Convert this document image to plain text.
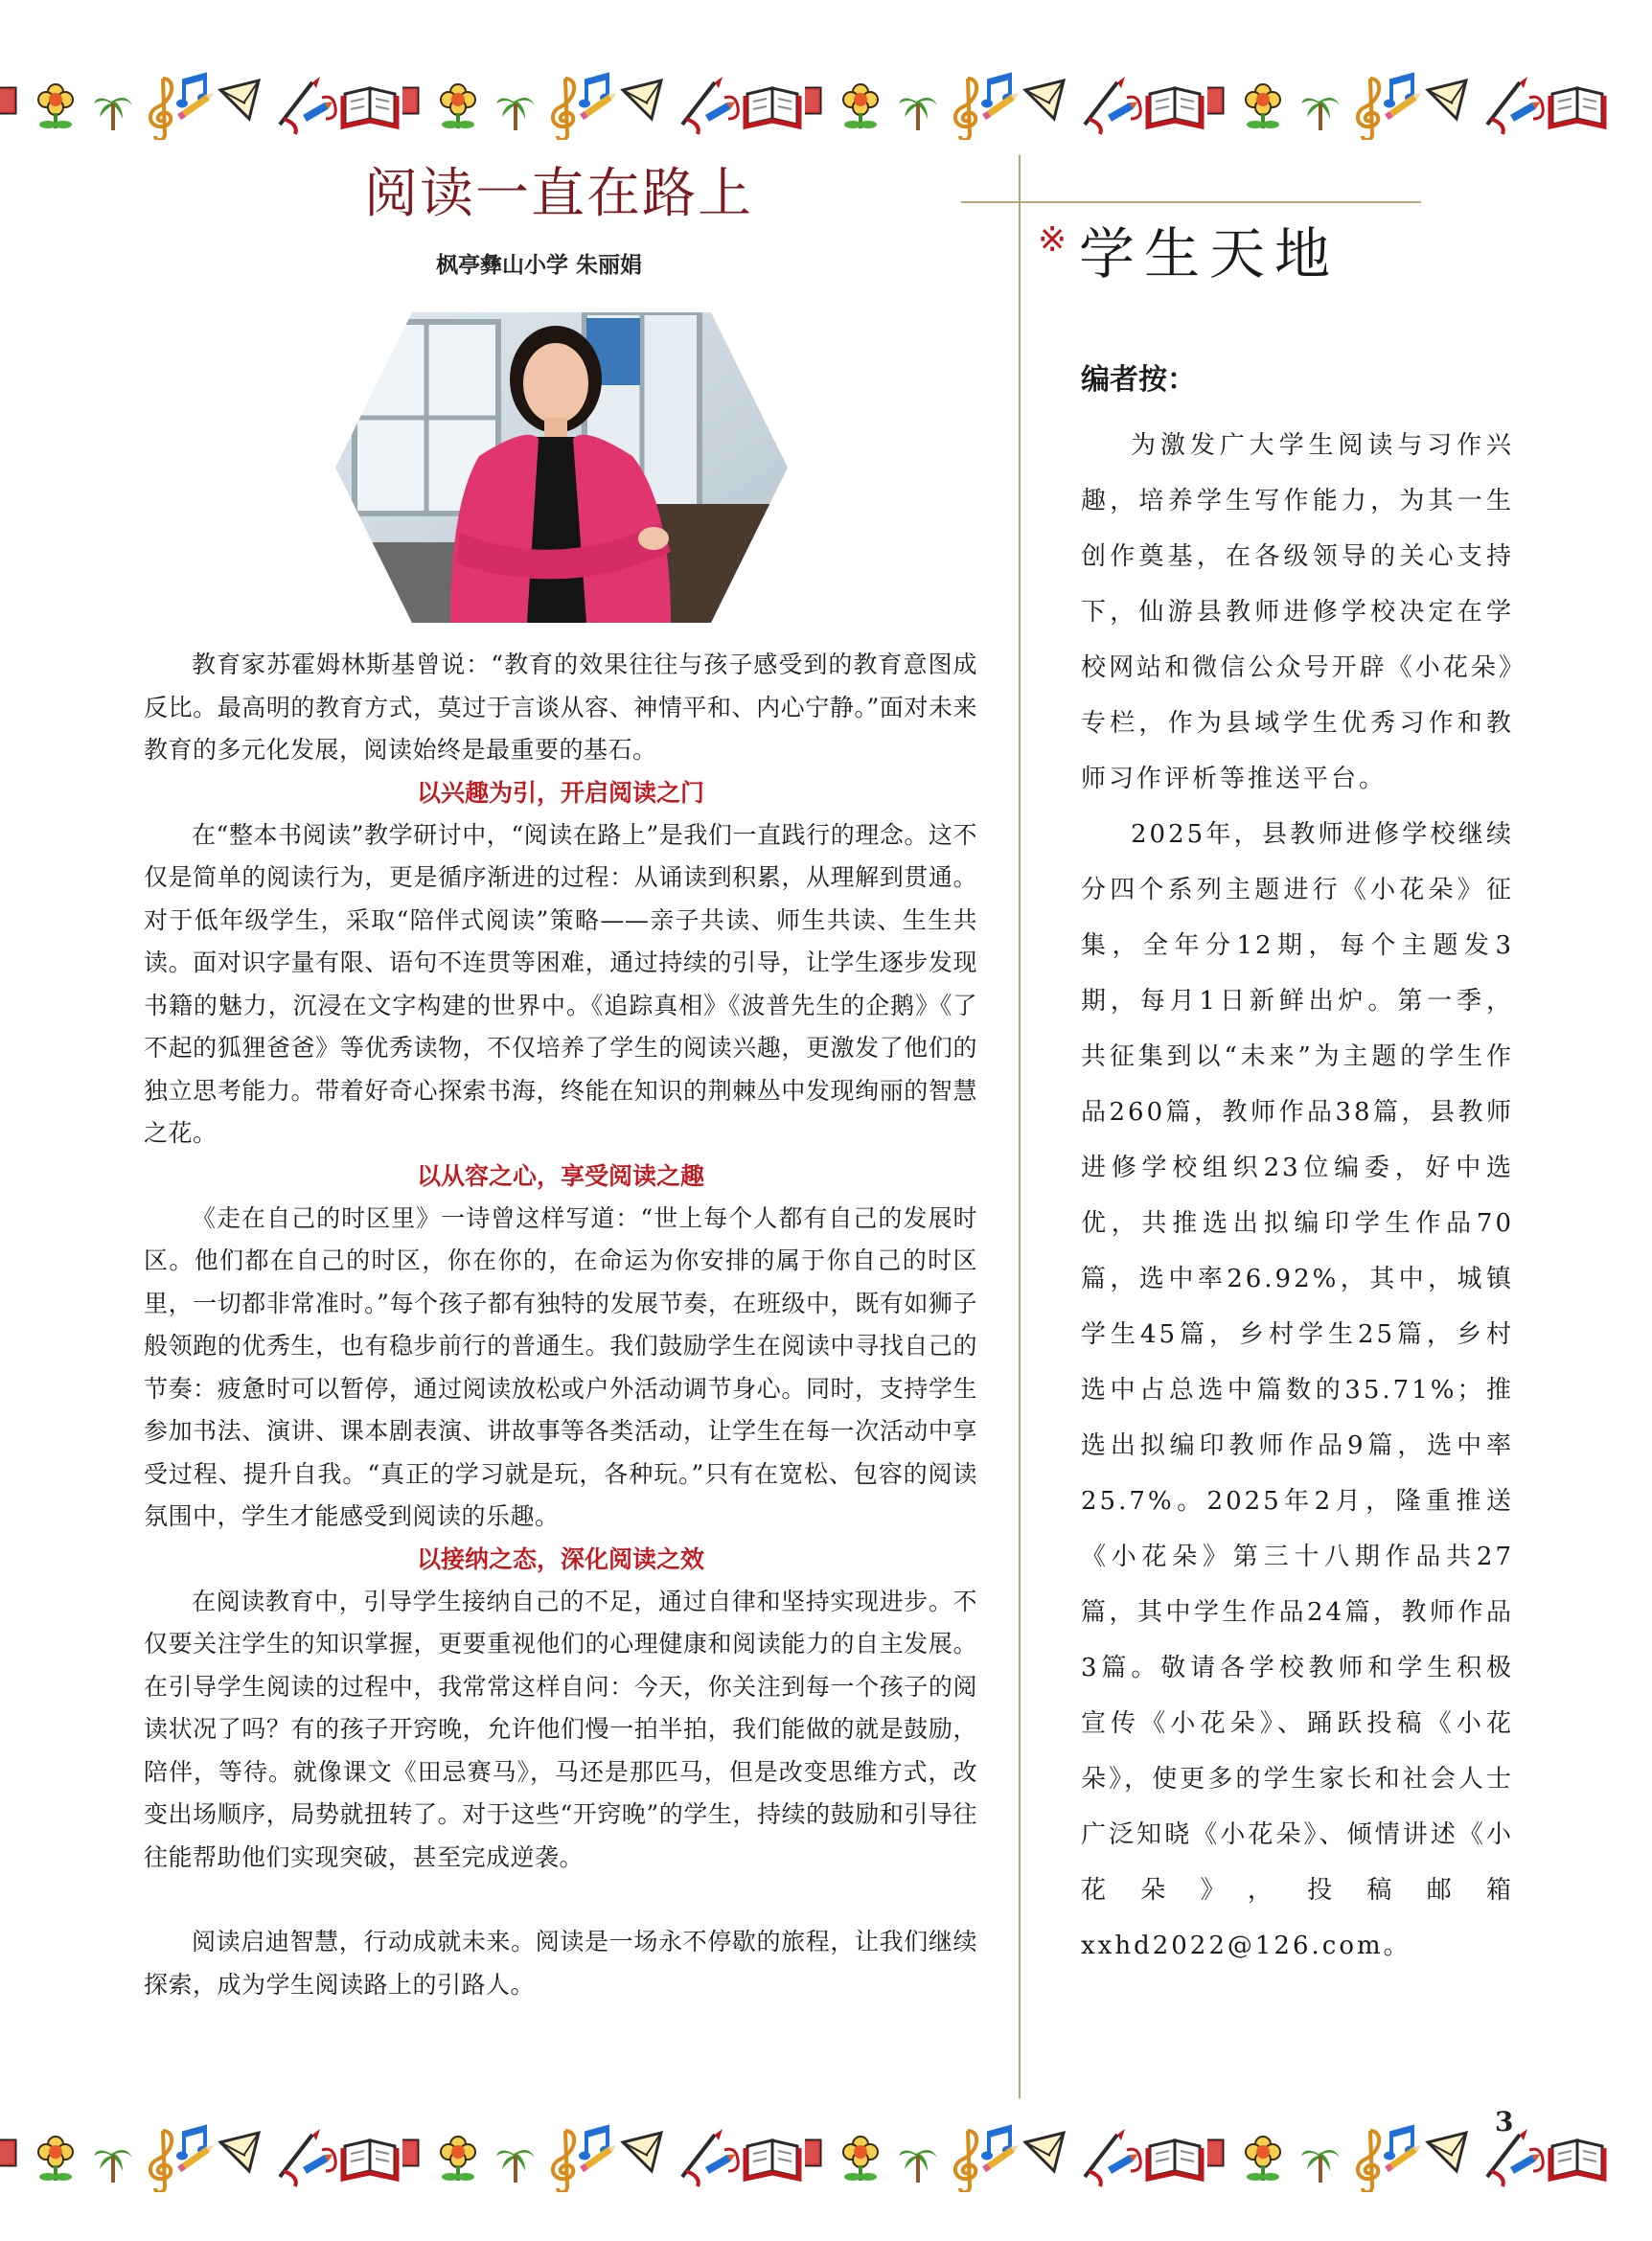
阅读一直在路上
枫亭彝山小学 朱丽娟

教育家苏霍姆林斯基曾说：“教育的效果往往与孩子感受到的教育意图成反比。最高明的教育方式，莫过于言谈从容、神情平和、内心宁静。”面对未来教育的多元化发展，阅读始终是最重要的基石。

以兴趣为引，开启阅读之门

在“整本书阅读”教学研讨中，“阅读在路上”是我们一直践行的理念。这不仅是简单的阅读行为，更是循序渐进的过程：从诵读到积累，从理解到贯通。对于低年级学生，采取“陪伴式阅读”策略——亲子共读、师生共读、生生共读。面对识字量有限、语句不连贯等困难，通过持续的引导，让学生逐步发现书籍的魅力，沉浸在文字构建的世界中。《追踪真相》《波普先生的企鹅》《了不起的狐狸爸爸》等优秀读物，不仅培养了学生的阅读兴趣，更激发了他们的独立思考能力。带着好奇心探索书海，终能在知识的荆棘丛中发现绚丽的智慧之花。

以从容之心，享受阅读之趣

《走在自己的时区里》一诗曾这样写道：“世上每个人都有自己的发展时区。他们都在自己的时区，你在你的，在命运为你安排的属于你自己的时区里，一切都非常准时。”每个孩子都有独特的发展节奏，在班级中，既有如狮子般领跑的优秀生，也有稳步前行的普通生。我们鼓励学生在阅读中寻找自己的节奏：疲惫时可以暂停，通过阅读放松或户外活动调节身心。同时，支持学生参加书法、演讲、课本剧表演、讲故事等各类活动，让学生在每一次活动中享受过程、提升自我。“真正的学习就是玩，各种玩。”只有在宽松、包容的阅读氛围中，学生才能感受到阅读的乐趣。

以接纳之态，深化阅读之效

在阅读教育中，引导学生接纳自己的不足，通过自律和坚持实现进步。不仅要关注学生的知识掌握，更要重视他们的心理健康和阅读能力的自主发展。在引导学生阅读的过程中，我常常这样自问：今天，你关注到每一个孩子的阅读状况了吗？有的孩子开窍晚，允许他们慢一拍半拍，我们能做的就是鼓励，陪伴，等待。就像课文《田忌赛马》，马还是那匹马，但是改变思维方式，改变出场顺序，局势就扭转了。对于这些“开窍晚”的学生，持续的鼓励和引导往往能帮助他们实现突破，甚至完成逆袭。

阅读启迪智慧，行动成就未来。阅读是一场永不停歇的旅程，让我们继续探索，成为学生阅读路上的引路人。

※ 学生天地

编者按：

为激发广大学生阅读与习作兴趣，培养学生写作能力，为其一生创作奠基，在各级领导的关心支持下，仙游县教师进修学校决定在学校网站和微信公众号开辟《小花朵》专栏，作为县域学生优秀习作和教师习作评析等推送平台。

2025年，县教师进修学校继续分四个系列主题进行《小花朵》征集，全年分12期，每个主题发3期，每月1日新鲜出炉。第一季，共征集到以“未来”为主题的学生作品260篇，教师作品38篇，县教师进修学校组织23位编委，好中选优，共推选出拟编印学生作品70篇，选中率26.92%，其中，城镇学生45篇，乡村学生25篇，乡村选中占总选中篇数的35.71%；推选出拟编印教师作品9篇，选中率25.7%。2025年2月，隆重推送《小花朵》第三十八期作品共27篇，其中学生作品24篇，教师作品3篇。敬请各学校教师和学生积极宣传《小花朵》、踊跃投稿《小花朵》，使更多的学生家长和社会人士广泛知晓《小花朵》、倾情讲述《小花朵》，投稿邮箱xxhd2022@126.com。

3
